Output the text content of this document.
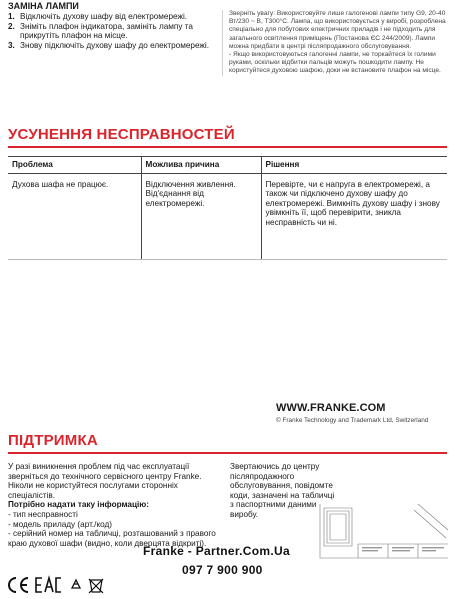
ЗАМІНА ЛАМПИ
1. Відключіть духову шафу від електромережі.
2. Зніміть плафон індикатора, замініть лампу та прикрутіть плафон на місце.
3. Знову підключіть духову шафу до електромережі.

Зверніть увагу: Використовуйте лише галогенові лампи типу G9, 20-40 Вт/230 ~ В, T300°C. Лампа, що використовується у виробі, розроблена спеціально для побутових електричних приладів і не підходить для загального освітлення приміщень (Постанова ЄС 244/2009). Лампи можна придбати в центрі післяпродажного обслуговування.

- Якщо використовуються галогенні лампи, не торкайтеся їх голими руками, оскільки відбитки пальців можуть пошкодити лампу. Не користуйтеся духовою шафою, доки не встановите плафон на місце.

УСУНЕННЯ НЕСПРАВНОСТЕЙ
Проблема	Можлива причина	Рішення
Духова шафа не працює.	Відключення живлення. Від'єднання від електромережі.	Перевірте, чи є напруга в електромережі, а також чи підключено духову шафу до електромережі. Вимкніть духову шафу і знову увімкніть її, щоб перевірити, зникла несправність чи ні.
WWW.FRANKE.COM
© Franke Technology and Trademark Ltd, Switzerland
ПІДТРИМКА
У разі виникнення проблем під час експлуатації зверніться до технічного сервісного центру Franke. Ніколи не користуйтеся послугами сторонніх спеціалістів.
Потрібно надати таку інформацію:
- тип несправності
- модель приладу (арт./код)
- серійний номер на табличці, розташований з правого краю духової шафи (видно, коли дверцята відкриті).
Звертаючись до центру післяпродажного обслуговування, повідомте коди, зазначені на табличці з паспортними даними виробу.
Franke - Partner.Com.Ua
097 7 900 900
